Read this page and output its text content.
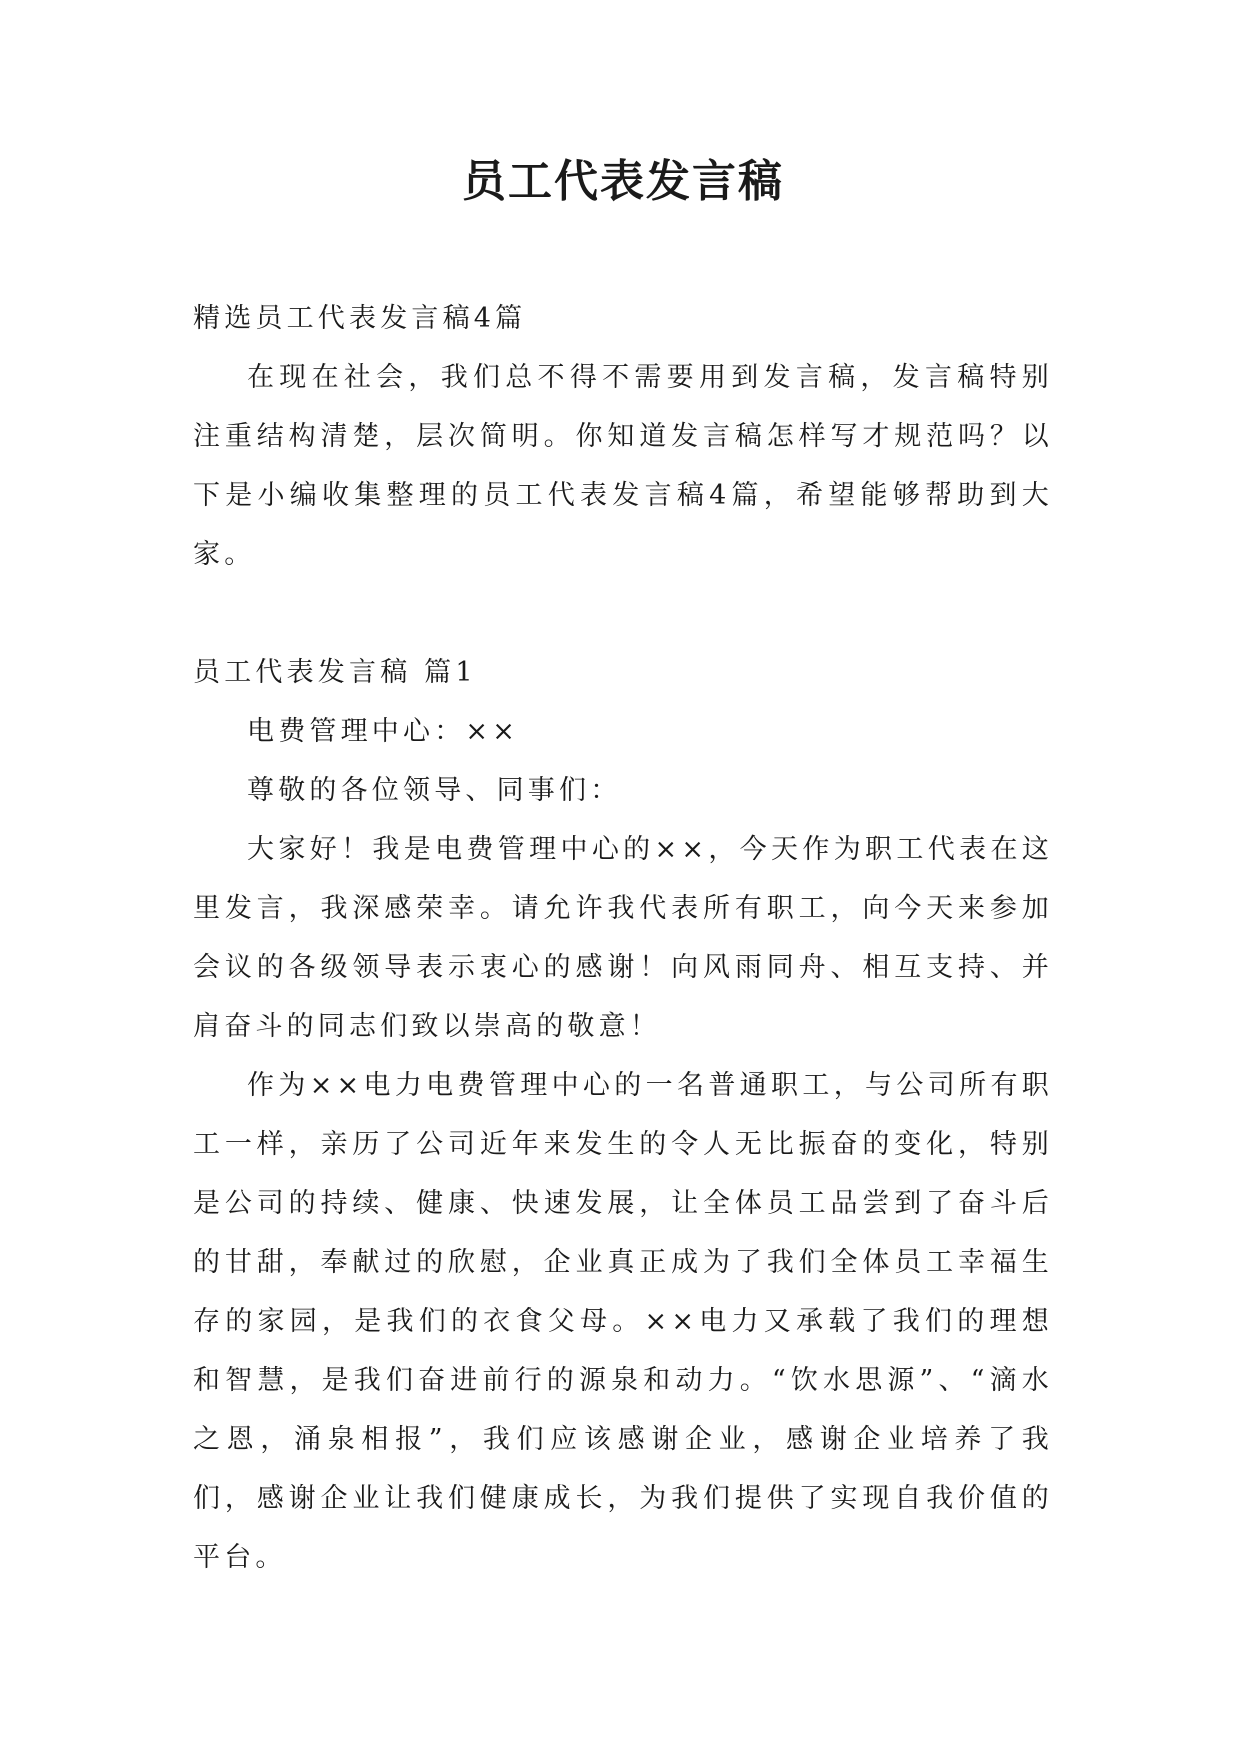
员工代表发言稿

精选员工代表发言稿4篇

在现在社会，我们总不得不需要用到发言稿，发言稿特别注重结构清楚，层次简明。你知道发言稿怎样写才规范吗？以下是小编收集整理的员工代表发言稿4篇，希望能够帮助到大家。

员工代表发言稿 篇1

电费管理中心：××

尊敬的各位领导、同事们：

大家好！我是电费管理中心的××，今天作为职工代表在这里发言，我深感荣幸。请允许我代表所有职工，向今天来参加会议的各级领导表示衷心的感谢！向风雨同舟、相互支持、并肩奋斗的同志们致以崇高的敬意！

作为××电力电费管理中心的一名普通职工，与公司所有职工一样，亲历了公司近年来发生的令人无比振奋的变化，特别是公司的持续、健康、快速发展，让全体员工品尝到了奋斗后的甘甜，奉献过的欣慰，企业真正成为了我们全体员工幸福生存的家园，是我们的衣食父母。××电力又承载了我们的理想和智慧，是我们奋进前行的源泉和动力。“饮水思源”、“滴水之恩，涌泉相报”，我们应该感谢企业，感谢企业培养了我们，感谢企业让我们健康成长，为我们提供了实现自我价值的平台。
